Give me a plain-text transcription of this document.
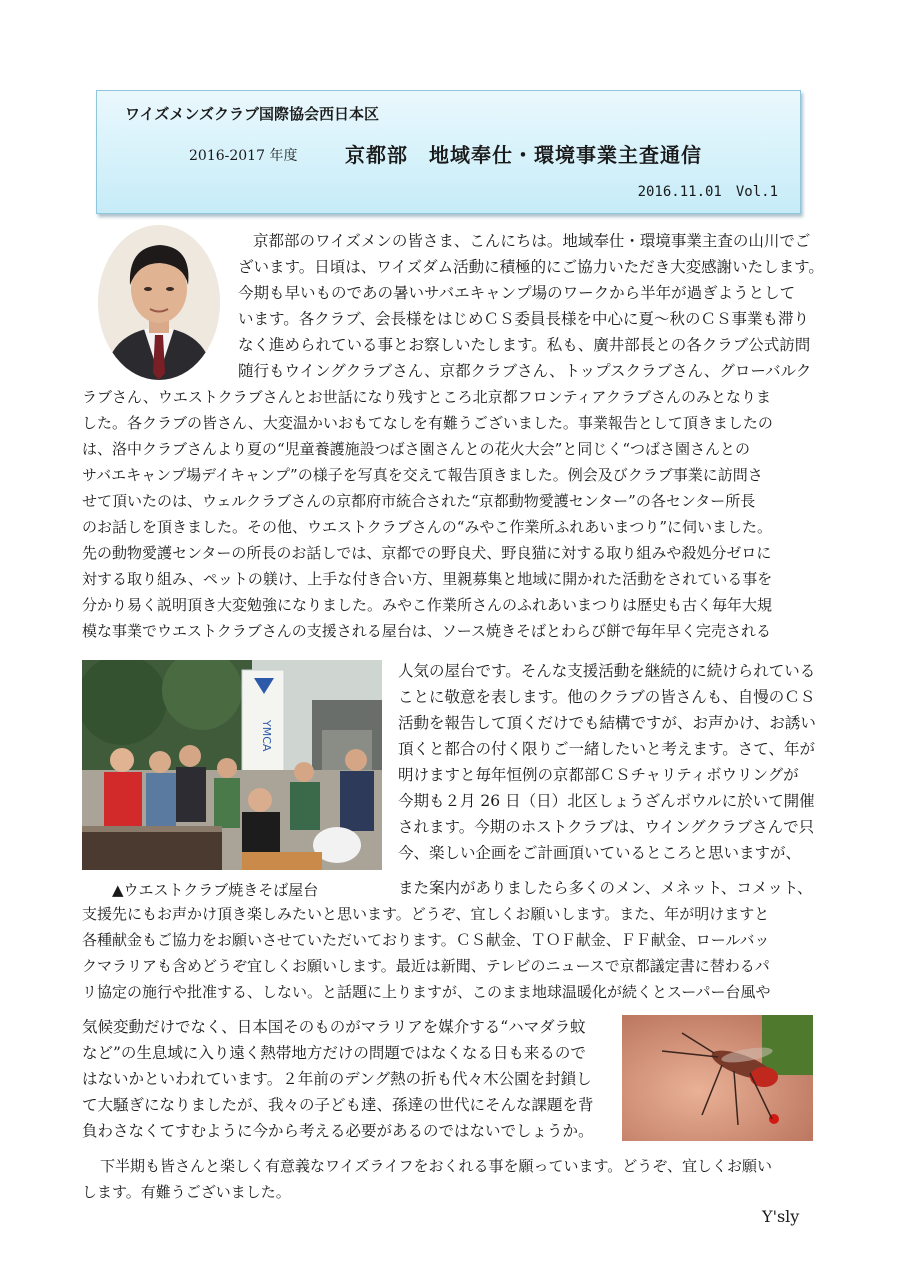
ワイズメンズクラブ国際協会西日本区
2016-2017 年度 京都部　地域奉仕・環境事業主査通信
2016.11.01　Vol.1
京都部のワイズメンの皆さま、こんにちは。地域奉仕・環境事業主査の山川でご
ざいます。日頃は、ワイズダム活動に積極的にご協力いただき大変感謝いたします。
今期も早いものであの暑いサバエキャンプ場のワークから半年が過ぎようとして
います。各クラブ、会長様をはじめＣＳ委員長様を中心に夏～秋のＣＳ事業も滞り
なく進められている事とお察しいたします。私も、廣井部長との各クラブ公式訪問
随行もウイングクラブさん、京都クラブさん、トップスクラブさん、グローバルク
ラブさん、ウエストクラブさんとお世話になり残すところ北京都フロンティアクラブさんのみとなりま
した。各クラブの皆さん、大変温かいおもてなしを有難うございました。事業報告として頂きましたの
は、洛中クラブさんより夏の“児童養護施設つばさ園さんとの花火大会”と同じく“つばさ園さんとの
サバエキャンプ場デイキャンプ”の様子を写真を交えて報告頂きました。例会及びクラブ事業に訪問さ
せて頂いたのは、ウェルクラブさんの京都府市統合された“京都動物愛護センター”の各センター所長
のお話しを頂きました。その他、ウエストクラブさんの“みやこ作業所ふれあいまつり”に伺いました。
先の動物愛護センターの所長のお話しでは、京都での野良犬、野良猫に対する取り組みや殺処分ゼロに
対する取り組み、ペットの躾け、上手な付き合い方、里親募集と地域に開かれた活動をされている事を
分かり易く説明頂き大変勉強になりました。みやこ作業所さんのふれあいまつりは歴史も古く毎年大規
模な事業でウエストクラブさんの支援される屋台は、ソース焼きそばとわらび餅で毎年早く完売される
YMCA
▲ウエストクラブ焼きそば屋台
人気の屋台です。そんな支援活動を継続的に続けられている
ことに敬意を表します。他のクラブの皆さんも、自慢のＣＳ
活動を報告して頂くだけでも結構ですが、お声かけ、お誘い
頂くと都合の付く限りご一緒したいと考えます。さて、年が
明けますと毎年恒例の京都部ＣＳチャリティボウリングが
今期も２月 26 日（日）北区しょうざんボウルに於いて開催
されます。今期のホストクラブは、ウイングクラブさんで只
今、楽しい企画をご計画頂いているところと思いますが、
また案内がありましたら多くのメン、メネット、コメット、
支援先にもお声かけ頂き楽しみたいと思います。どうぞ、宜しくお願いします。また、年が明けますと
各種献金もご協力をお願いさせていただいております。ＣＳ献金、ＴＯＦ献金、ＦＦ献金、ロールバッ
クマラリアも含めどうぞ宜しくお願いします。最近は新聞、テレビのニュースで京都議定書に替わるパ
リ協定の施行や批准する、しない。と話題に上りますが、このまま地球温暖化が続くとスーパー台風や
気候変動だけでなく、日本国そのものがマラリアを媒介する“ハマダラ蚊
など”の生息域に入り遠く熱帯地方だけの問題ではなくなる日も来るので
はないかといわれています。２年前のデング熱の折も代々木公園を封鎖し
て大騒ぎになりましたが、我々の子ども達、孫達の世代にそんな課題を背
負わさなくてすむように今から考える必要があるのではないでしょうか。
下半期も皆さんと楽しく有意義なワイズライフをおくれる事を願っています。どうぞ、宜しくお願い
します。有難うございました。
Y'sly
